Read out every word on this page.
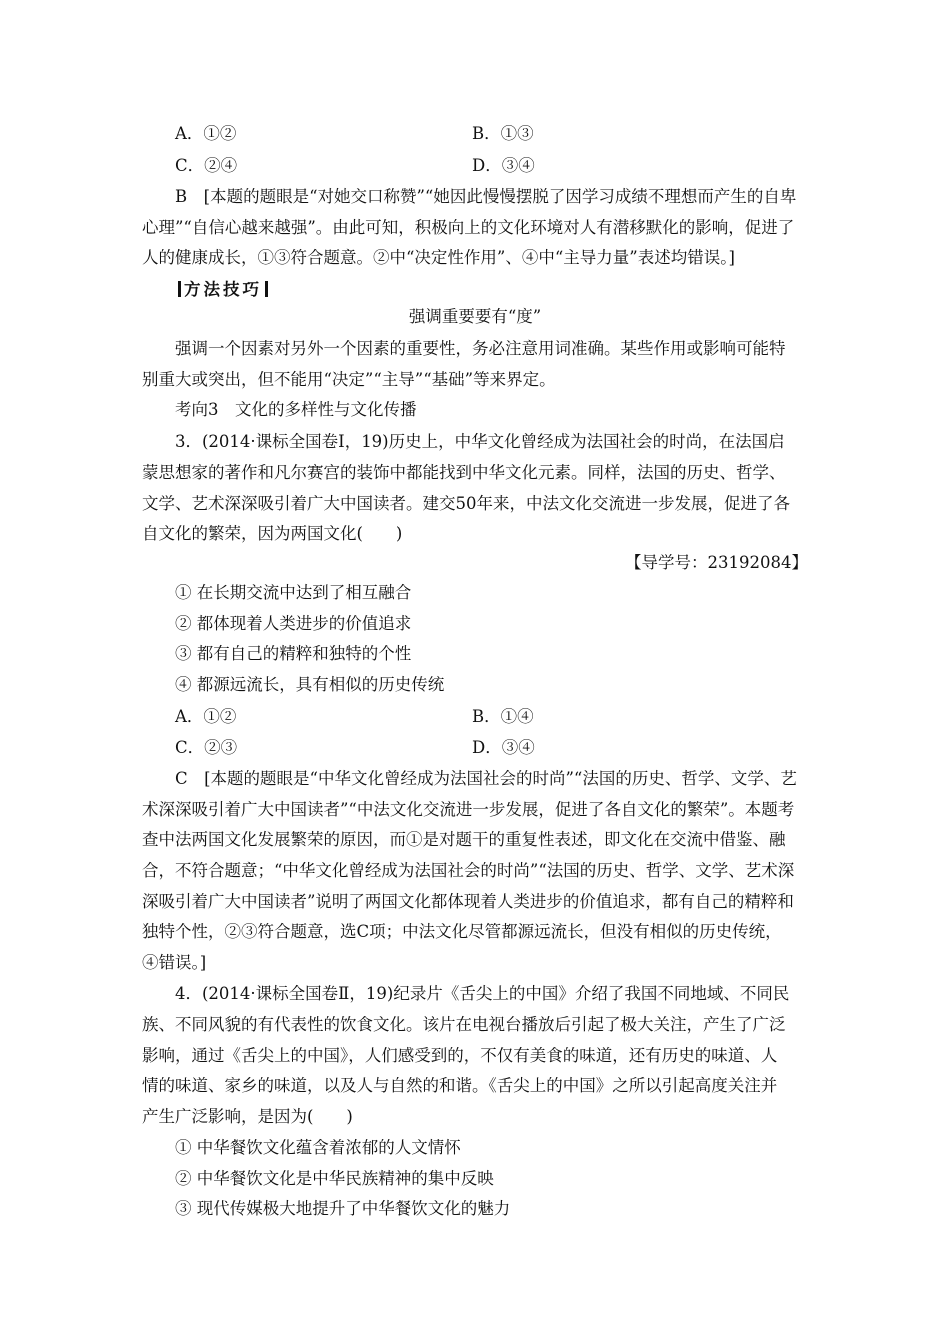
A．①②	B．①③
C．②④	D．③④
B　[本题的题眼是“对她交口称赞”“她因此慢慢摆脱了因学习成绩不理想而产生的自卑
心理”“自信心越来越强”。由此可知，积极向上的文化环境对人有潜移默化的影响，促进了
人的健康成长，①③符合题意。②中“决定性作用”、④中“主导力量”表述均错误。]
方法技巧
强调重要要有“度”
强调一个因素对另外一个因素的重要性，务必注意用词准确。某些作用或影响可能特
别重大或突出，但不能用“决定”“主导”“基础”等来界定。
考向3　文化的多样性与文化传播
3．(2014·课标全国卷Ⅰ，19)历史上，中华文化曾经成为法国社会的时尚，在法国启
蒙思想家的著作和凡尔赛宫的装饰中都能找到中华文化元素。同样，法国的历史、哲学、
文学、艺术深深吸引着广大中国读者。建交50年来，中法文化交流进一步发展，促进了各
自文化的繁荣，因为两国文化(　　)
【导学号：23192084】
① 在长期交流中达到了相互融合
② 都体现着人类进步的价值追求
③ 都有自己的精粹和独特的个性
④ 都源远流长，具有相似的历史传统
A．①②	B．①④
C．②③	D．③④
C　[本题的题眼是“中华文化曾经成为法国社会的时尚”“法国的历史、哲学、文学、艺
术深深吸引着广大中国读者”“中法文化交流进一步发展，促进了各自文化的繁荣”。本题考
查中法两国文化发展繁荣的原因，而①是对题干的重复性表述，即文化在交流中借鉴、融
合，不符合题意；“中华文化曾经成为法国社会的时尚”“法国的历史、哲学、文学、艺术深
深吸引着广大中国读者”说明了两国文化都体现着人类进步的价值追求，都有自己的精粹和
独特个性，②③符合题意，选C项；中法文化尽管都源远流长，但没有相似的历史传统，
④错误。]
4．(2014·课标全国卷Ⅱ，19)纪录片《舌尖上的中国》介绍了我国不同地域、不同民
族、不同风貌的有代表性的饮食文化。该片在电视台播放后引起了极大关注，产生了广泛
影响，通过《舌尖上的中国》，人们感受到的，不仅有美食的味道，还有历史的味道、人
情的味道、家乡的味道，以及人与自然的和谐。《舌尖上的中国》之所以引起高度关注并
产生广泛影响，是因为(　　)
① 中华餐饮文化蕴含着浓郁的人文情怀
② 中华餐饮文化是中华民族精神的集中反映
③ 现代传媒极大地提升了中华餐饮文化的魅力
